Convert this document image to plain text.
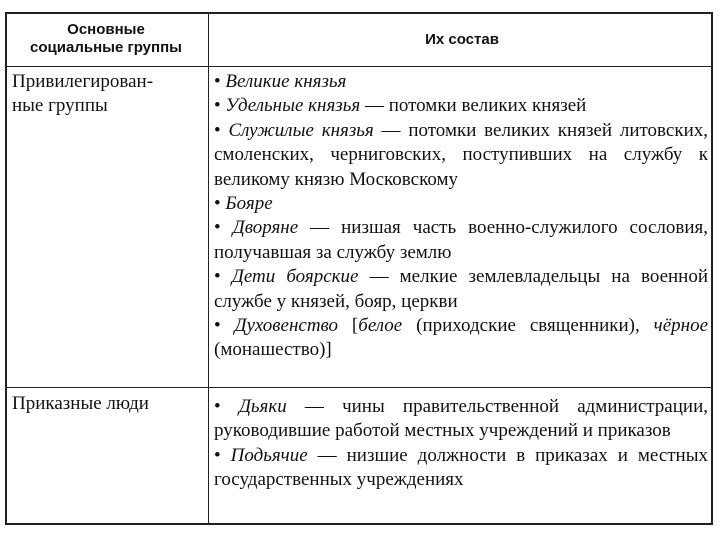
Основные
социальные группы	Их состав
Привилегирован-
ные группы

• Великие князья

• Удельные князья — потомки великих князей

• Служилые князья — потомки великих князей литовских, смоленских, черниговских, поступивших на службу к великому князю Московскому

• Бояре

• Дворяне — низшая часть военно-служилого сословия, получавшая за службу землю

• Дети боярские — мелкие землевладельцы на военной службе у князей, бояр, церкви

• Духовенство [белое (приходские священники), чёрное (монашество)]

Приказные люди	• Дьяки — чины правительственной администрации, руководившие работой местных учреждений и приказов

• Подьячие — низшие должности в приказах и местных государственных учреждениях
